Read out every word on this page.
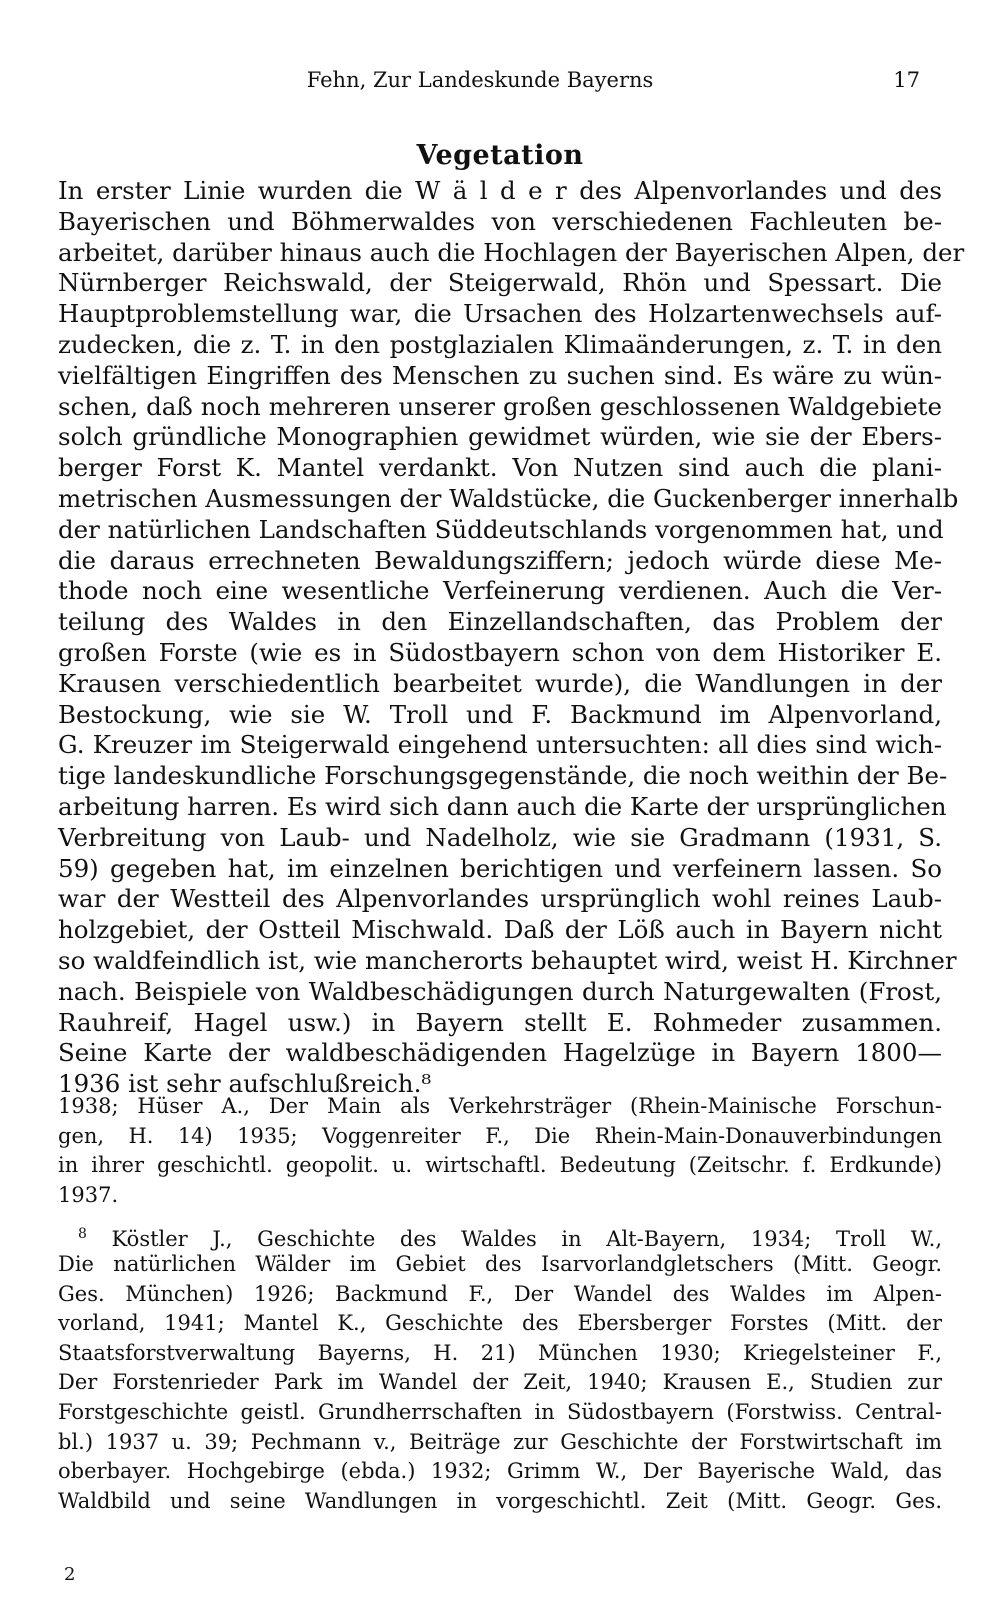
Fehn, Zur Landeskunde Bayerns	17
Vegetation
In erster Linie wurden die W ä l d e r des Alpenvorlandes und des
Bayerischen und Böhmerwaldes von verschiedenen Fachleuten be-
arbeitet, darüber hinaus auch die Hochlagen der Bayerischen Alpen, der
Nürnberger Reichswald, der Steigerwald, Rhön und Spessart. Die
Hauptproblemstellung war, die Ursachen des Holzartenwechsels auf-
zudecken, die z. T. in den postglazialen Klimaänderungen, z. T. in den
vielfältigen Eingriffen des Menschen zu suchen sind. Es wäre zu wün-
schen, daß noch mehreren unserer großen geschlossenen Waldgebiete
solch gründliche Monographien gewidmet würden, wie sie der Ebers-
berger Forst K. Mantel verdankt. Von Nutzen sind auch die plani-
metrischen Ausmessungen der Waldstücke, die Guckenberger innerhalb
der natürlichen Landschaften Süddeutschlands vorgenommen hat, und
die daraus errechneten Bewaldungsziffern; jedoch würde diese Me-
thode noch eine wesentliche Verfeinerung verdienen. Auch die Ver-
teilung des Waldes in den Einzellandschaften, das Problem der
großen Forste (wie es in Südostbayern schon von dem Historiker E.
Krausen verschiedentlich bearbeitet wurde), die Wandlungen in der
Bestockung, wie sie W. Troll und F. Backmund im Alpenvorland,
G. Kreuzer im Steigerwald eingehend untersuchten: all dies sind wich-
tige landeskundliche Forschungsgegenstände, die noch weithin der Be-
arbeitung harren. Es wird sich dann auch die Karte der ursprünglichen
Verbreitung von Laub- und Nadelholz, wie sie Gradmann (1931, S.
59) gegeben hat, im einzelnen berichtigen und verfeinern lassen. So
war der Westteil des Alpenvorlandes ursprünglich wohl reines Laub-
holzgebiet, der Ostteil Mischwald. Daß der Löß auch in Bayern nicht
so waldfeindlich ist, wie mancherorts behauptet wird, weist H. Kirchner
nach. Beispiele von Waldbeschädigungen durch Naturgewalten (Frost,
Rauhreif, Hagel usw.) in Bayern stellt E. Rohmeder zusammen.
Seine Karte der waldbeschädigenden Hagelzüge in Bayern 1800—
1936 ist sehr aufschlußreich.⁸
1938; Hüser A., Der Main als Verkehrsträger (Rhein-Mainische Forschun-
gen, H. 14) 1935; Voggenreiter F., Die Rhein-Main-Donauverbindungen
in ihrer geschichtl. geopolit. u. wirtschaftl. Bedeutung (Zeitschr. f. Erdkunde)
1937.
$^8$ Köstler J., Geschichte des Waldes in Alt-Bayern, 1934; Troll W.,
Die natürlichen Wälder im Gebiet des Isarvorlandgletschers (Mitt. Geogr.
Ges. München) 1926; Backmund F., Der Wandel des Waldes im Alpen-
vorland, 1941; Mantel K., Geschichte des Ebersberger Forstes (Mitt. der
Staatsforstverwaltung Bayerns, H. 21) München 1930; Kriegelsteiner F.,
Der Forstenrieder Park im Wandel der Zeit, 1940; Krausen E., Studien zur
Forstgeschichte geistl. Grundherrschaften in Südostbayern (Forstwiss. Central-
bl.) 1937 u. 39; Pechmann v., Beiträge zur Geschichte der Forstwirtschaft im
oberbayer. Hochgebirge (ebda.) 1932; Grimm W., Der Bayerische Wald, das
Waldbild und seine Wandlungen in vorgeschichtl. Zeit (Mitt. Geogr. Ges.
2
